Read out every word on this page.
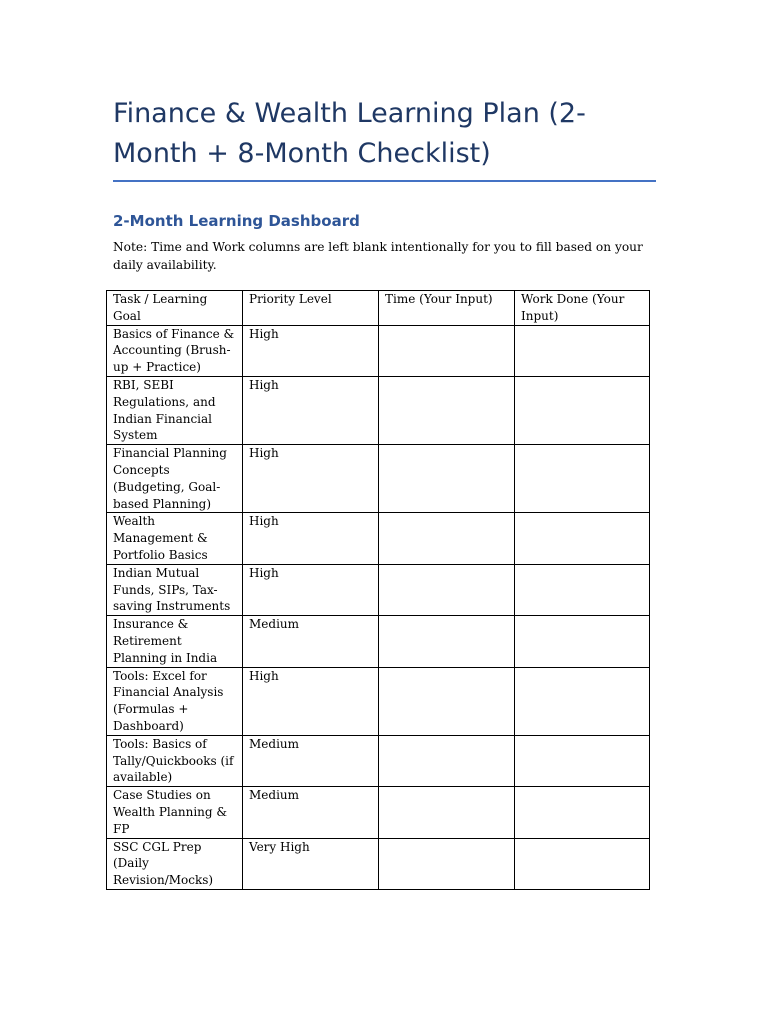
Finance & Wealth Learning Plan (2-Month + 8-Month Checklist)
2-Month Learning Dashboard

Note: Time and Work columns are left blank intentionally for you to fill based on your daily availability.

Task / Learning Goal	Priority Level	Time (Your Input)	Work Done (Your Input)
Basics of Finance & Accounting (Brush-up + Practice)	High		
RBI, SEBI Regulations, and Indian Financial System	High		
Financial Planning Concepts (Budgeting, Goal-based Planning)	High		
Wealth Management & Portfolio Basics	High		
Indian Mutual Funds, SIPs, Tax-saving Instruments	High		
Insurance & Retirement Planning in India	Medium		
Tools: Excel for Financial Analysis (Formulas + Dashboard)	High		
Tools: Basics of Tally/Quickbooks (if available)	Medium		
Case Studies on Wealth Planning & FP	Medium		
SSC CGL Prep (Daily Revision/Mocks)	Very High		
